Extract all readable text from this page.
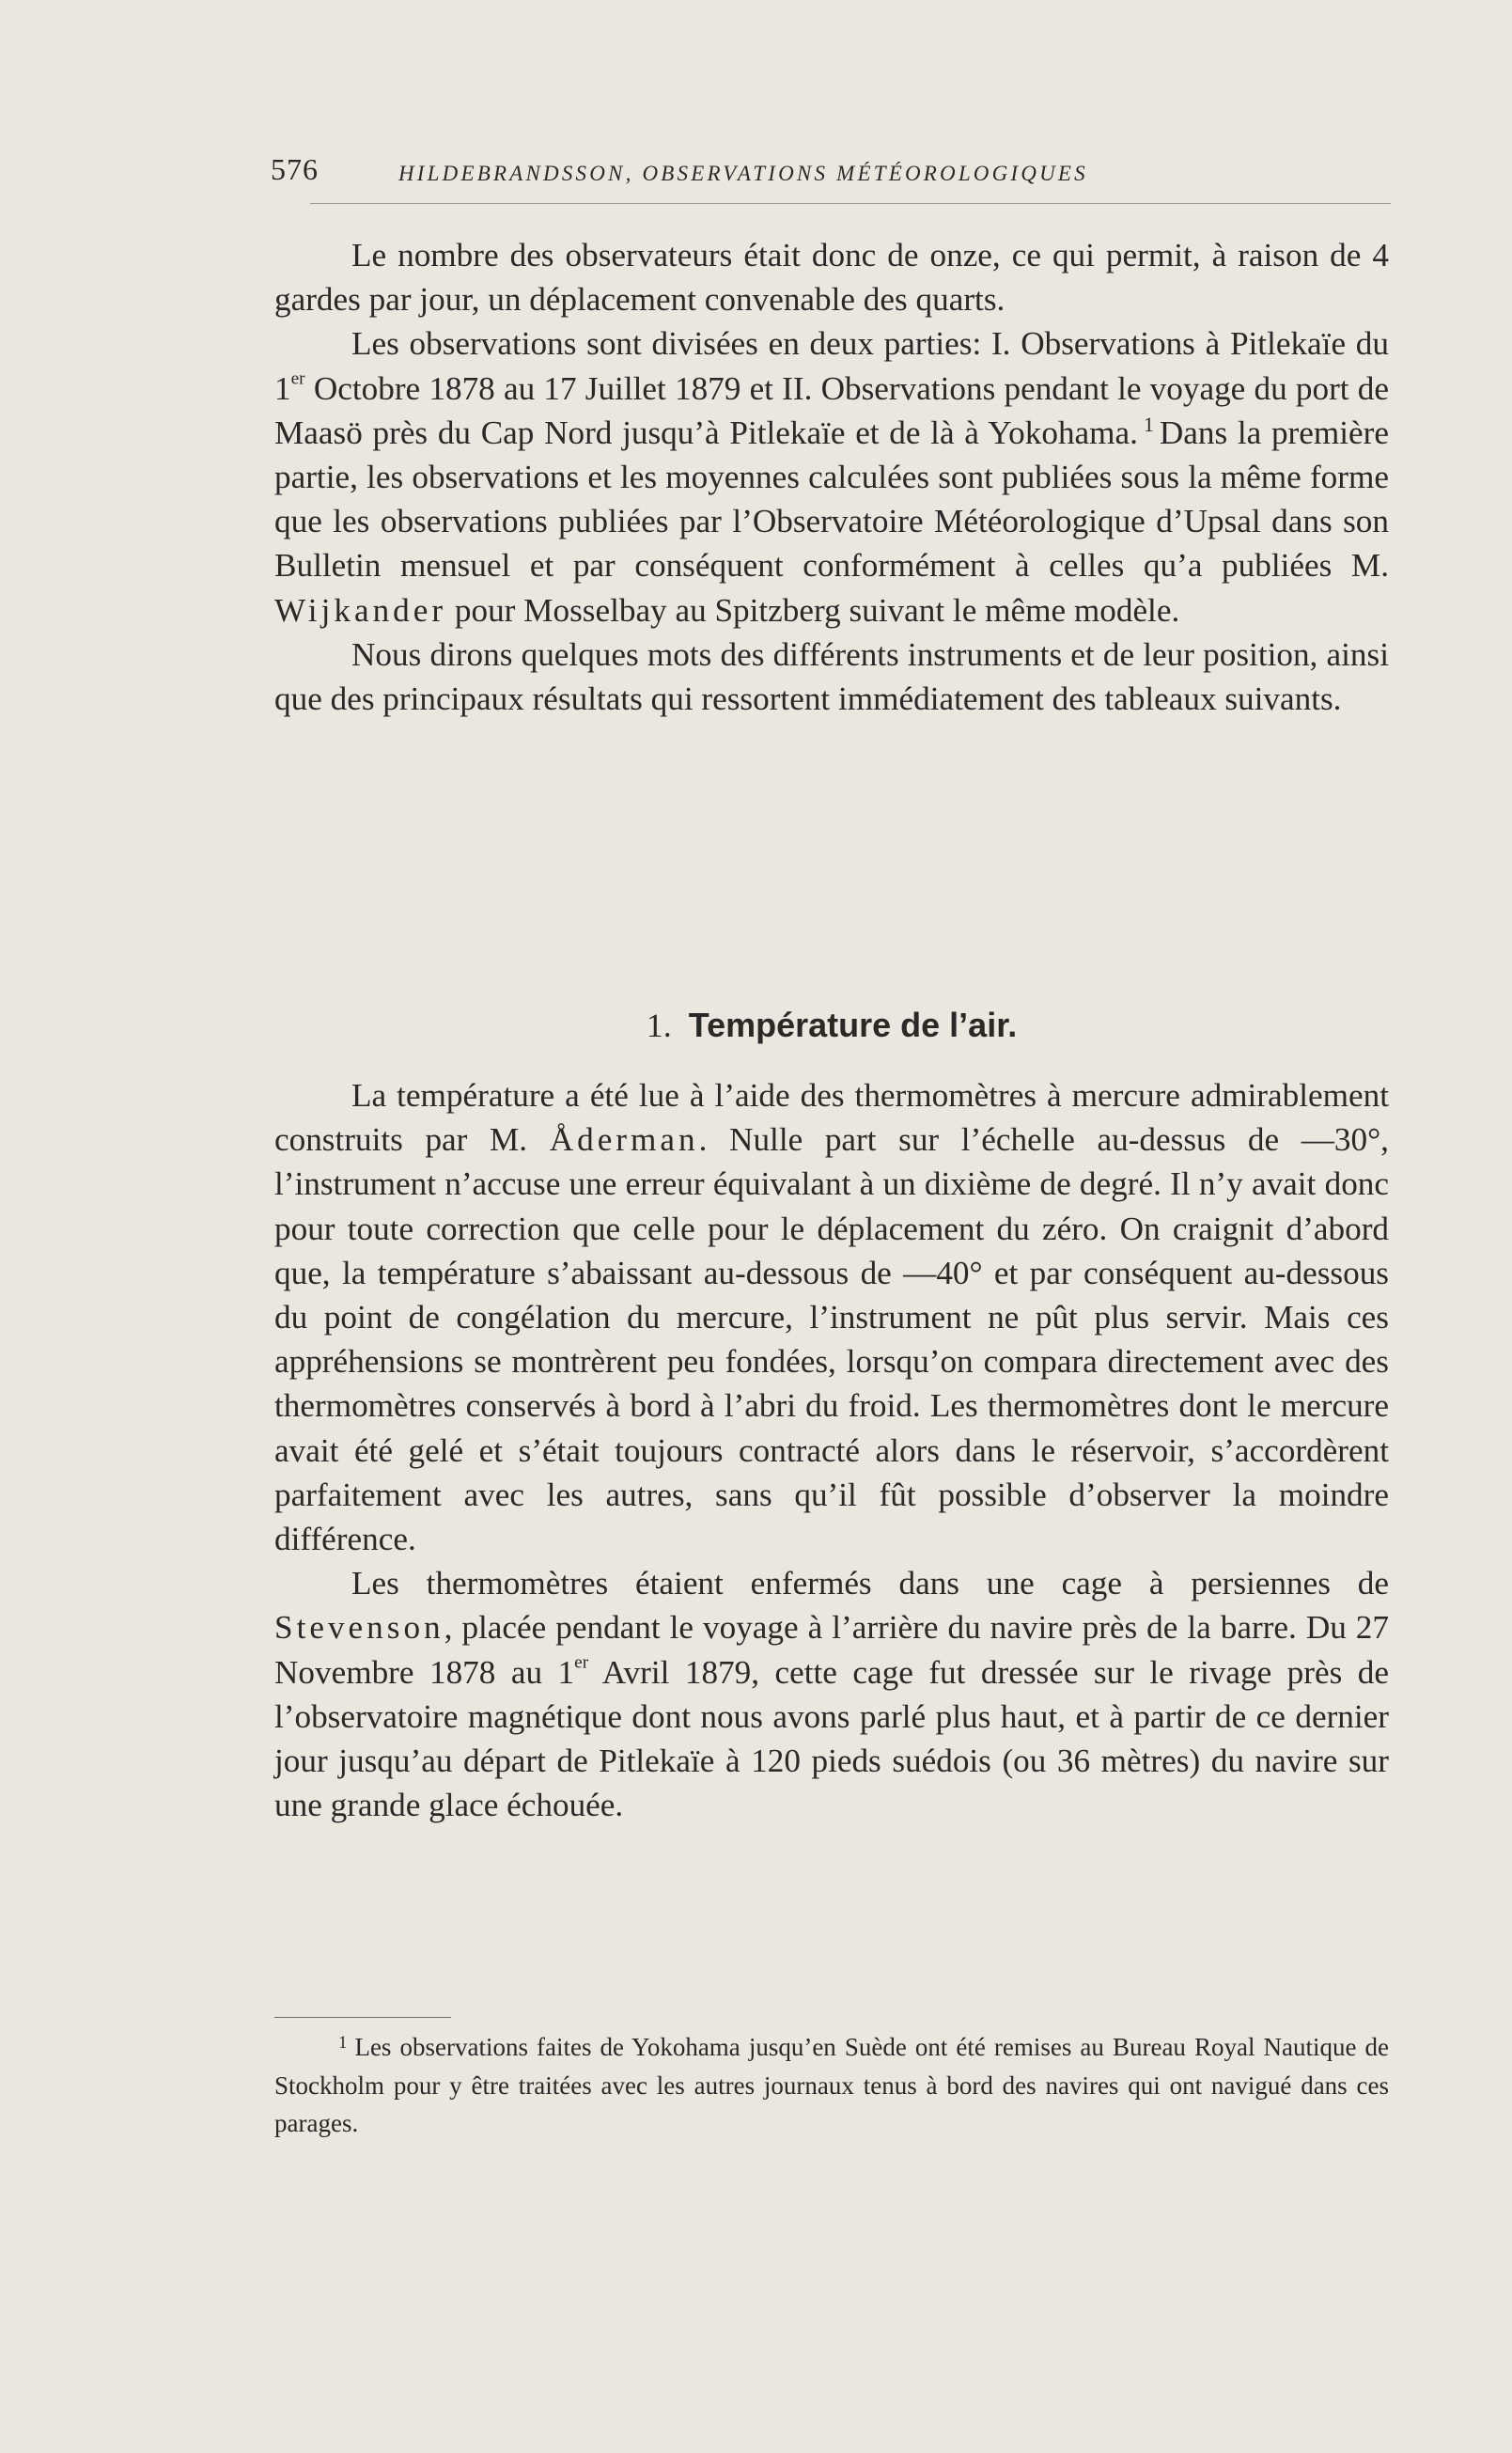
576	HILDEBRANDSSON, OBSERVATIONS MÉTÉOROLOGIQUES

Le nombre des observateurs était donc de onze, ce qui permit, à raison de 4 gardes par jour, un déplacement convenable des quarts.

Les observations sont divisées en deux parties: I. Observations à Pitlekaïe du 1er Octobre 1878 au 17 Juillet 1879 et II. Observations pendant le voyage du port de Maasö près du Cap Nord jusqu’à Pitlekaïe et de là à Yokohama. $^1$ Dans la première partie, les observations et les moyennes calculées sont publiées sous la même forme que les observations publiées par l’Observatoire Météorologique d’Upsal dans son Bulletin mensuel et par conséquent conformément à celles qu’a publiées M. Wijkander pour Mosselbay au Spitzberg suivant le même modèle.

Nous dirons quelques mots des différents instruments et de leur position, ainsi que des principaux résultats qui ressortent immédiatement des tableaux suivants.

1. Température de l’air.

La température a été lue à l’aide des thermomètres à mercure admirablement construits par M. Åderman. Nulle part sur l’échelle au-dessus de —30°, l’instrument n’accuse une erreur équivalant à un dixième de degré. Il n’y avait donc pour toute correction que celle pour le déplacement du zéro. On craignit d’abord que, la température s’abaissant au-dessous de —40° et par conséquent au-dessous du point de congélation du mercure, l’instrument ne pût plus servir. Mais ces appréhensions se montrèrent peu fondées, lorsqu’on compara directement avec des thermomètres conservés à bord à l’abri du froid. Les thermomètres dont le mercure avait été gelé et s’était toujours contracté alors dans le réservoir, s’accordèrent parfaitement avec les autres, sans qu’il fût possible d’observer la moindre différence.

Les thermomètres étaient enfermés dans une cage à persiennes de Stevenson, placée pendant le voyage à l’arrière du navire près de la barre. Du 27 Novembre 1878 au 1er Avril 1879, cette cage fut dressée sur le rivage près de l’observatoire magnétique dont nous avons parlé plus haut, et à partir de ce dernier jour jusqu’au départ de Pitlekaïe à 120 pieds suédois (ou 36 mètres) du navire sur une grande glace échouée.

$^1$ Les observations faites de Yokohama jusqu’en Suède ont été remises au Bureau Royal Nautique de Stockholm pour y être traitées avec les autres journaux tenus à bord des navires qui ont navigué dans ces parages.
